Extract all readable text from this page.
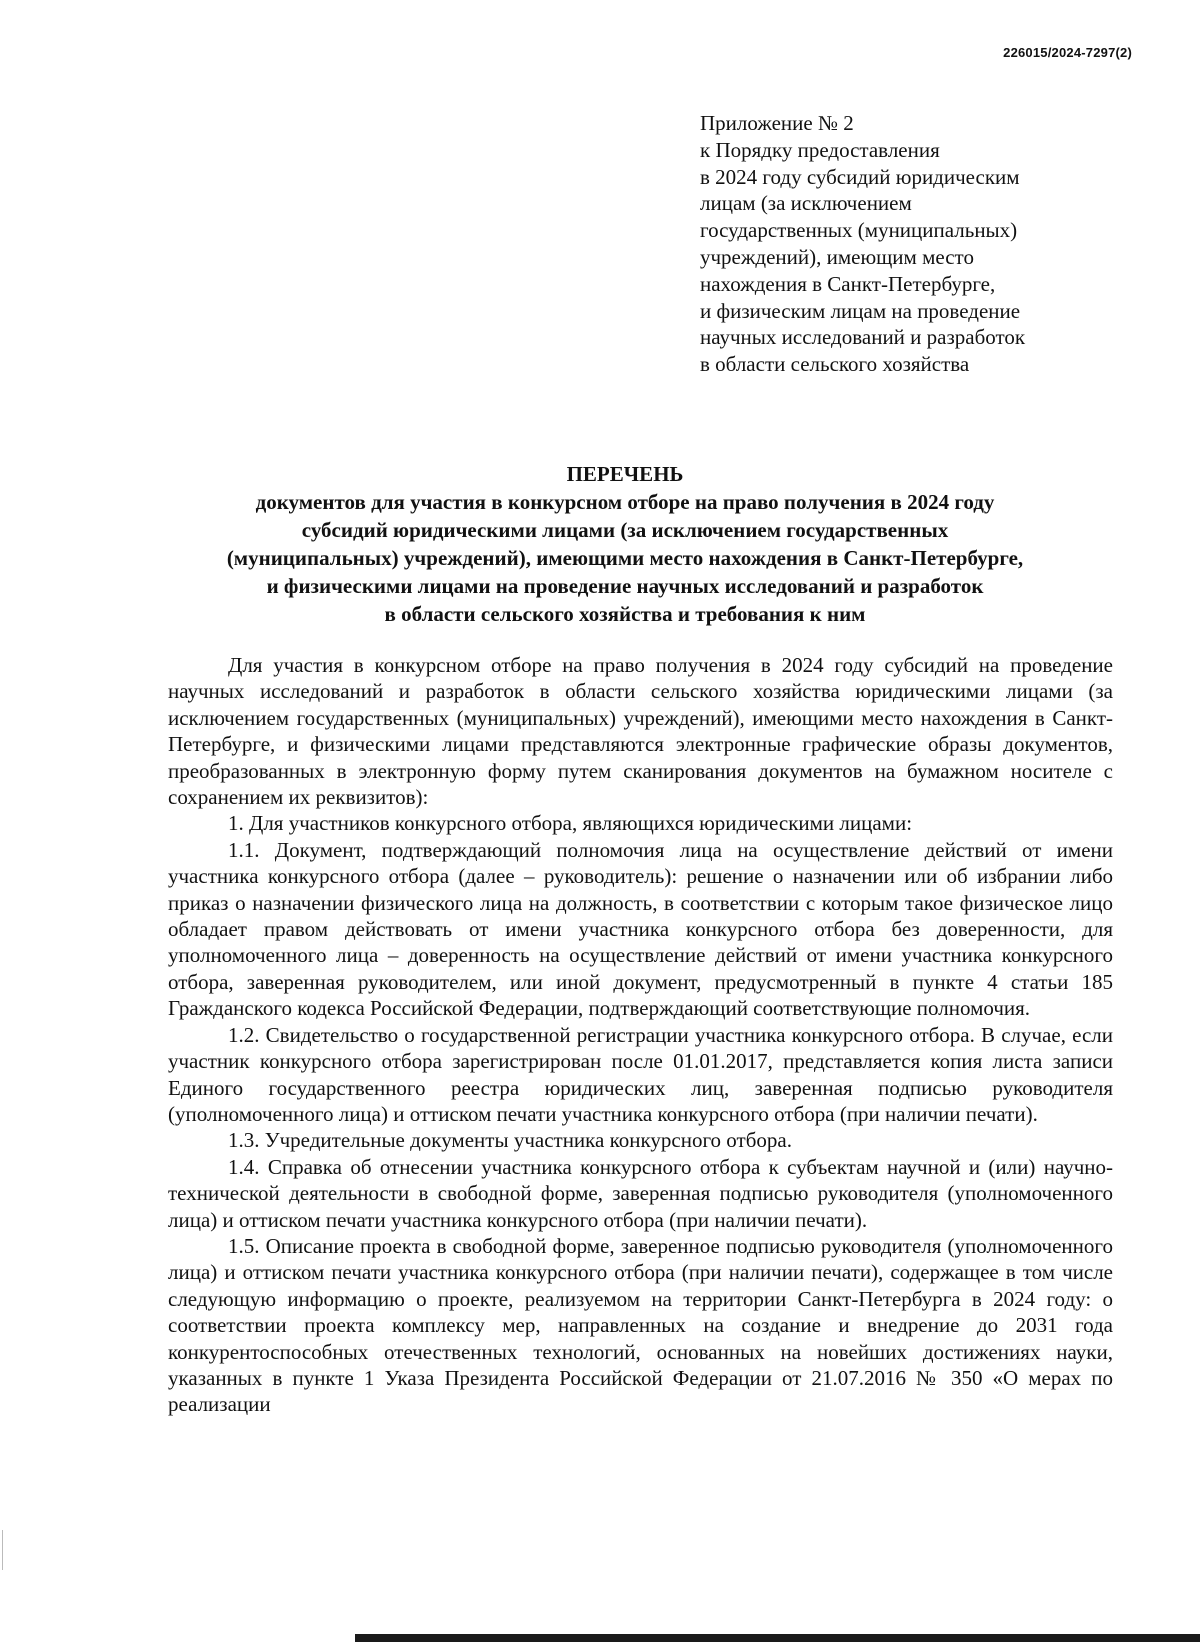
226015/2024-7297(2)
Приложение № 2
к Порядку предоставления
в 2024 году субсидий юридическим
лицам (за исключением
государственных (муниципальных)
учреждений), имеющим место
нахождения в Санкт-Петербурге,
и физическим лицам на проведение
научных исследований и разработок
в области сельского хозяйства
ПЕРЕЧЕНЬ
документов для участия в конкурсном отборе на право получения в 2024 году
субсидий юридическими лицами (за исключением государственных
(муниципальных) учреждений), имеющими место нахождения в Санкт-Петербурге,
и физическими лицами на проведение научных исследований и разработок
в области сельского хозяйства и требования к ним

Для участия в конкурсном отборе на право получения в 2024 году субсидий на проведение научных исследований и разработок в области сельского хозяйства юридическими лицами (за исключением государственных (муниципальных) учреждений), имеющими место нахождения в Санкт-Петербурге, и физическими лицами представляются электронные графические образы документов, преобразованных в электронную форму путем сканирования документов на бумажном носителе с сохранением их реквизитов):

1. Для участников конкурсного отбора, являющихся юридическими лицами:

1.1. Документ, подтверждающий полномочия лица на осуществление действий от имени участника конкурсного отбора (далее – руководитель): решение о назначении или об избрании либо приказ о назначении физического лица на должность, в соответствии с которым такое физическое лицо обладает правом действовать от имени участника конкурсного отбора без доверенности, для уполномоченного лица – доверенность на осуществление действий от имени участника конкурсного отбора, заверенная руководителем, или иной документ, предусмотренный в пункте 4 статьи 185 Гражданского кодекса Российской Федерации, подтверждающий соответствующие полномочия.

1.2. Свидетельство о государственной регистрации участника конкурсного отбора. В случае, если участник конкурсного отбора зарегистрирован после 01.01.2017, представляется копия листа записи Единого государственного реестра юридических лиц, заверенная подписью руководителя (уполномоченного лица) и оттиском печати участника конкурсного отбора (при наличии печати).

1.3. Учредительные документы участника конкурсного отбора.

1.4. Справка об отнесении участника конкурсного отбора к субъектам научной и (или) научно-технической деятельности в свободной форме, заверенная подписью руководителя (уполномоченного лица) и оттиском печати участника конкурсного отбора (при наличии печати).

1.5. Описание проекта в свободной форме, заверенное подписью руководителя (уполномоченного лица) и оттиском печати участника конкурсного отбора (при наличии печати), содержащее в том числе следующую информацию о проекте, реализуемом на территории Санкт-Петербурга в 2024 году: о соответствии проекта комплексу мер, направленных на создание и внедрение до 2031 года конкурентоспособных отечественных технологий, основанных на новейших достижениях науки, указанных в пункте 1 Указа Президента Российской Федерации от 21.07.2016 № 350 «О мерах по реализации
